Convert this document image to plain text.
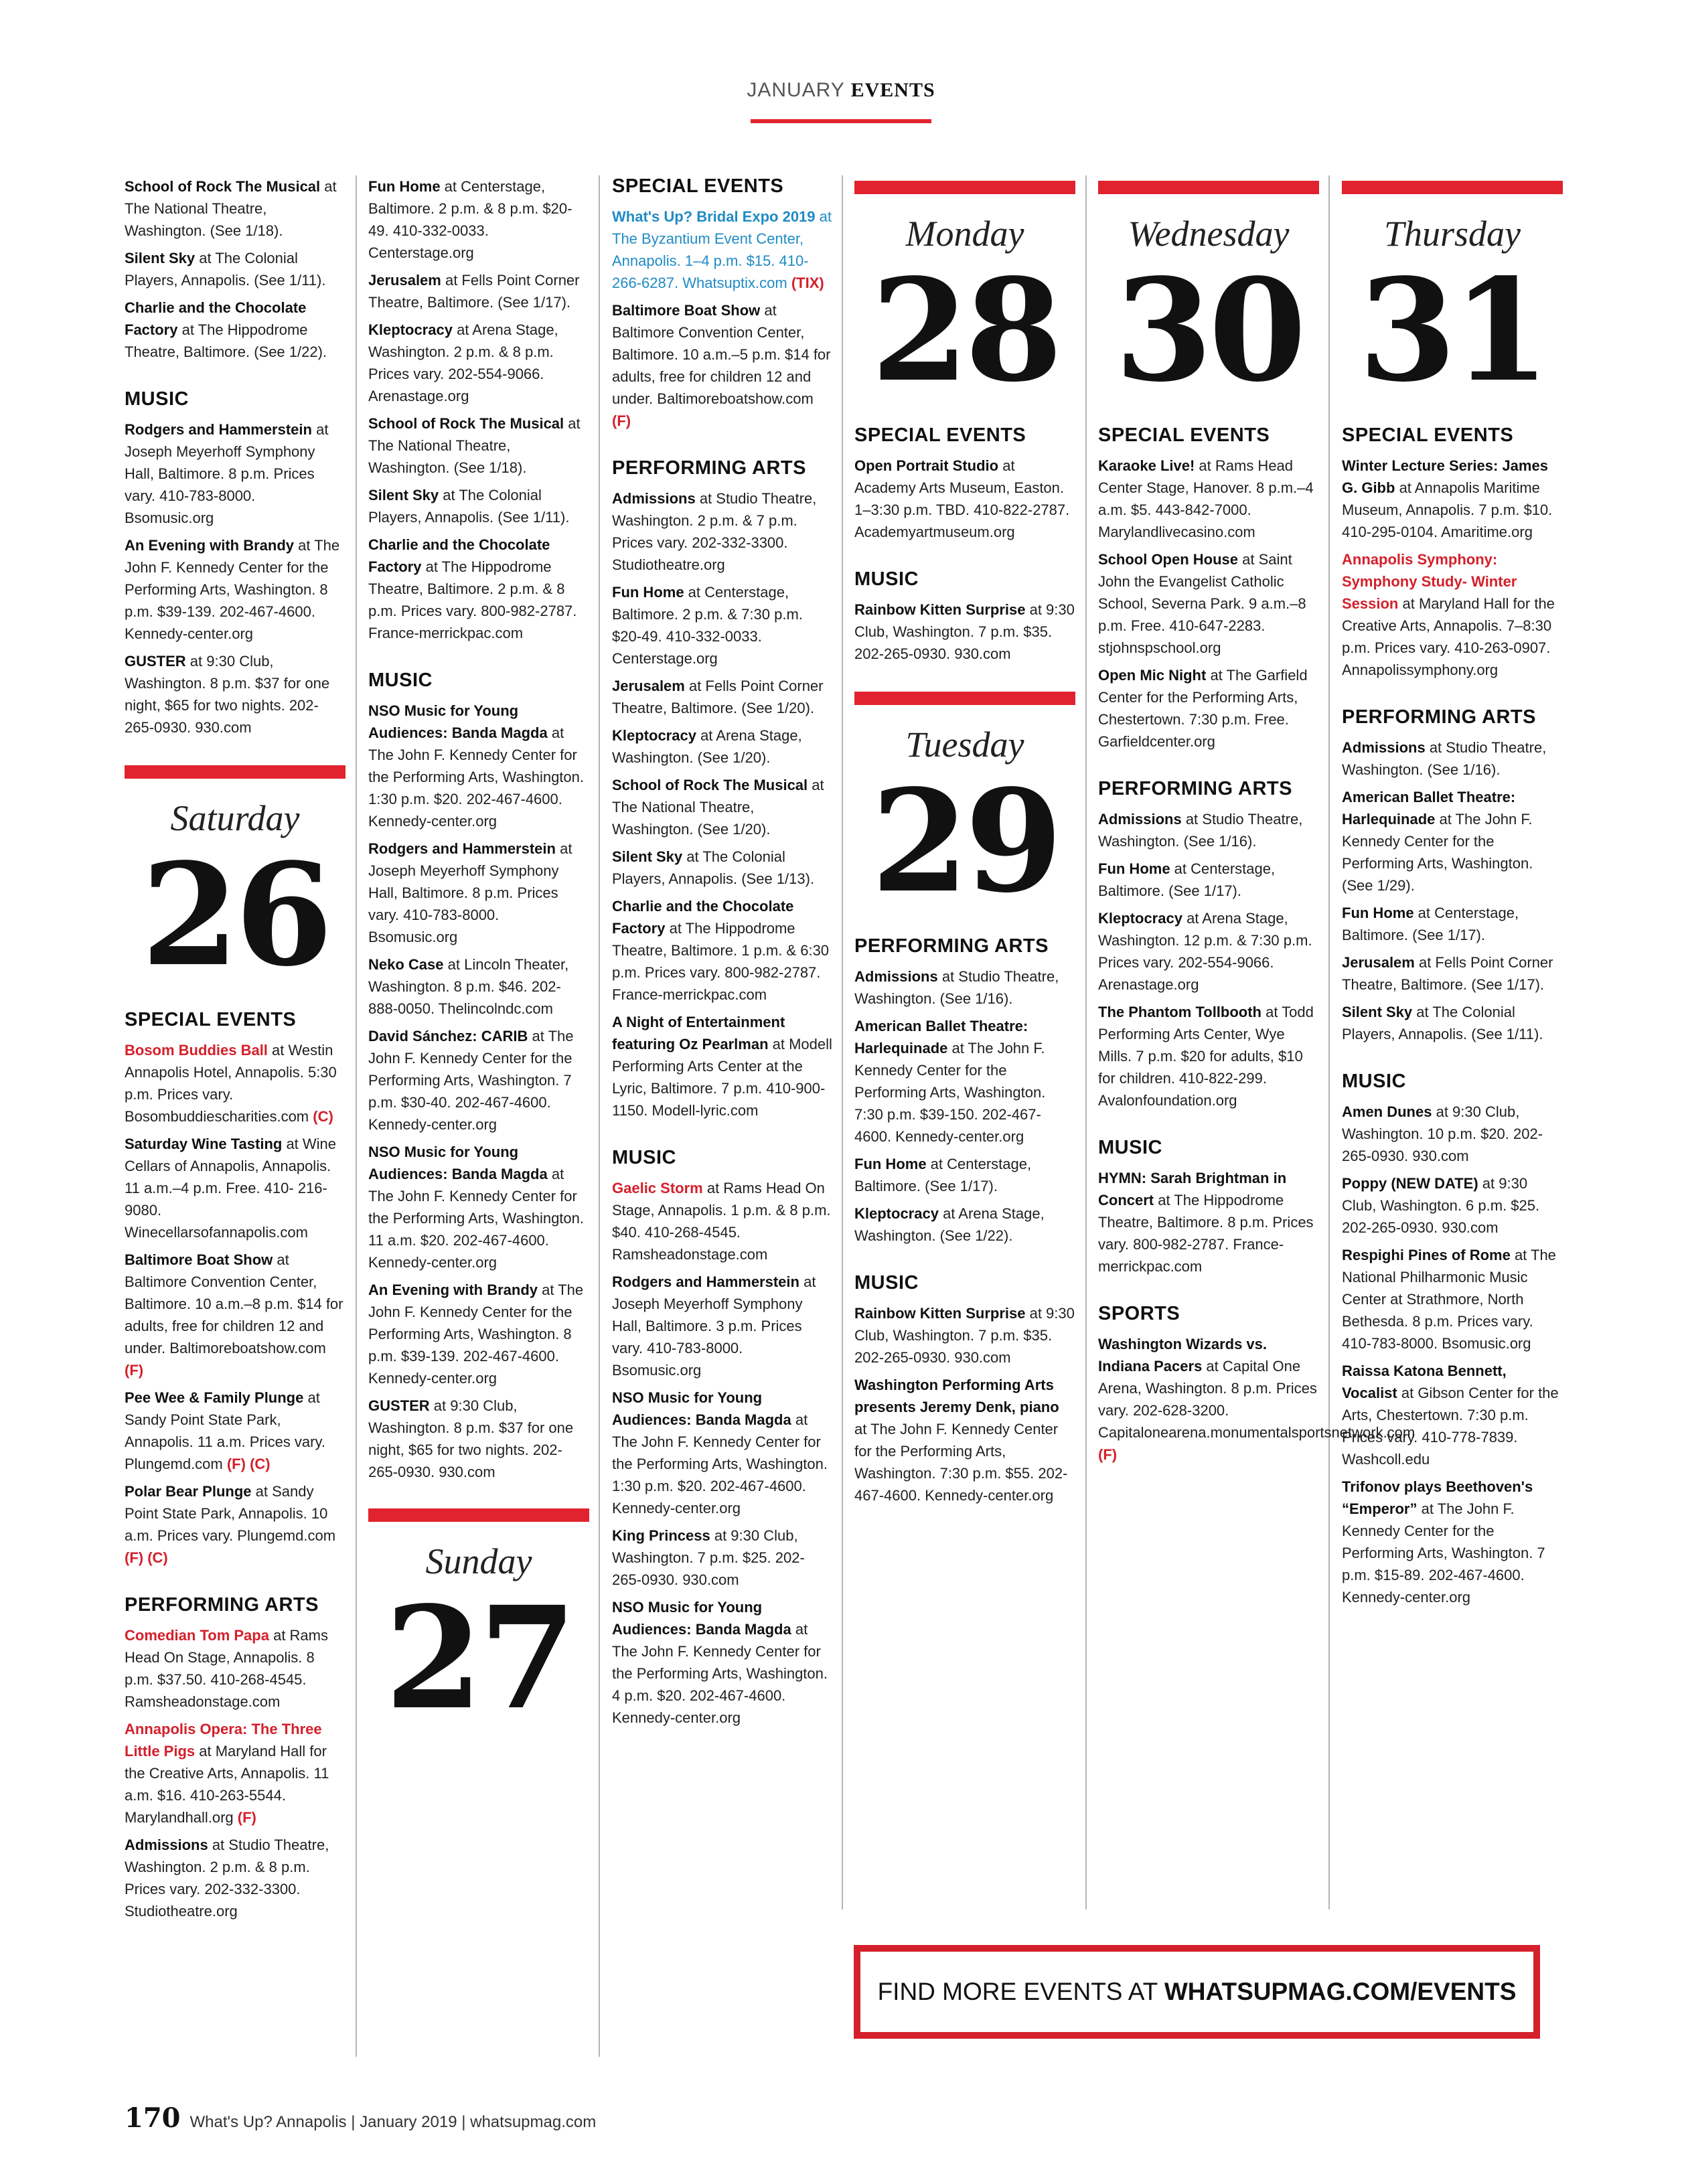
JANUARY EVENTS
School of Rock The Musical at The National Theatre, Washington. (See 1/18).
Silent Sky at The Colonial Players, Annapolis. (See 1/11).
Charlie and the Chocolate Factory at The Hippodrome Theatre, Baltimore. (See 1/22).
MUSIC
Rodgers and Hammerstein at Joseph Meyerhoff Symphony Hall, Baltimore. 8 p.m. Prices vary. 410-783-8000. Bsomusic.org
An Evening with Brandy at The John F. Kennedy Center for the Performing Arts, Washington. 8 p.m. $39-139. 202-467-4600. Kennedy-center.org
GUSTER at 9:30 Club, Washington. 8 p.m. $37 for one night, $65 for two nights. 202-265-0930. 930.com
Saturday
26
SPECIAL EVENTS
Bosom Buddies Ball at Westin Annapolis Hotel, Annapolis. 5:30 p.m. Prices vary. Bosombuddiescharities.com (C)
Saturday Wine Tasting at Wine Cellars of Annapolis, Annapolis. 11 a.m.–4 p.m. Free. 410- 216-9080. Winecellarsofannapolis.com
Baltimore Boat Show at Baltimore Convention Center, Baltimore. 10 a.m.–8 p.m. $14 for adults, free for children 12 and under. Baltimoreboatshow.com (F)
Pee Wee & Family Plunge at Sandy Point State Park, Annapolis. 11 a.m. Prices vary. Plungemd.com (F) (C)
Polar Bear Plunge at Sandy Point State Park, Annapolis. 10 a.m. Prices vary. Plungemd.com (F) (C)
PERFORMING ARTS
Comedian Tom Papa at Rams Head On Stage, Annapolis. 8 p.m. $37.50. 410-268-4545. Ramsheadonstage.com
Annapolis Opera: The Three Little Pigs at Maryland Hall for the Creative Arts, Annapolis. 11 a.m. $16. 410-263-5544. Marylandhall.org (F)
Admissions at Studio Theatre, Washington. 2 p.m. & 8 p.m. Prices vary. 202-332-3300. Studiotheatre.org
Fun Home at Centerstage, Baltimore. 2 p.m. & 8 p.m. $20-49. 410-332-0033. Centerstage.org
Jerusalem at Fells Point Corner Theatre, Baltimore. (See 1/17).
Kleptocracy at Arena Stage, Washington. 2 p.m. & 8 p.m. Prices vary. 202-554-9066. Arenastage.org
School of Rock The Musical at The National Theatre, Washington. (See 1/18).
Silent Sky at The Colonial Players, Annapolis. (See 1/11).
Charlie and the Chocolate Factory at The Hippodrome Theatre, Baltimore. 2 p.m. & 8 p.m. Prices vary. 800-982-2787. France-merrickpac.com
MUSIC
NSO Music for Young Audiences: Banda Magda at The John F. Kennedy Center for the Performing Arts, Washington. 1:30 p.m. $20. 202-467-4600. Kennedy-center.org
Rodgers and Hammerstein at Joseph Meyerhoff Symphony Hall, Baltimore. 8 p.m. Prices vary. 410-783-8000. Bsomusic.org
Neko Case at Lincoln Theater, Washington. 8 p.m. $46. 202-888-0050. Thelincolndc.com
David Sánchez: CARIB at The John F. Kennedy Center for the Performing Arts, Washington. 7 p.m. $30-40. 202-467-4600. Kennedy-center.org
NSO Music for Young Audiences: Banda Magda at The John F. Kennedy Center for the Performing Arts, Washington. 11 a.m. $20. 202-467-4600. Kennedy-center.org
An Evening with Brandy at The John F. Kennedy Center for the Performing Arts, Washington. 8 p.m. $39-139. 202-467-4600. Kennedy-center.org
GUSTER at 9:30 Club, Washington. 8 p.m. $37 for one night, $65 for two nights. 202-265-0930. 930.com
Sunday
27
SPECIAL EVENTS
What's Up? Bridal Expo 2019 at The Byzantium Event Center, Annapolis. 1–4 p.m. $15. 410-266-6287. Whatsuptix.com (TIX)
Baltimore Boat Show at Baltimore Convention Center, Baltimore. 10 a.m.–5 p.m. $14 for adults, free for children 12 and under. Baltimoreboatshow.com (F)
PERFORMING ARTS
Admissions at Studio Theatre, Washington. 2 p.m. & 7 p.m. Prices vary. 202-332-3300. Studiotheatre.org
Fun Home at Centerstage, Baltimore. 2 p.m. & 7:30 p.m. $20-49. 410-332-0033. Centerstage.org
Jerusalem at Fells Point Corner Theatre, Baltimore. (See 1/20).
Kleptocracy at Arena Stage, Washington. (See 1/20).
School of Rock The Musical at The National Theatre, Washington. (See 1/20).
Silent Sky at The Colonial Players, Annapolis. (See 1/13).
Charlie and the Chocolate Factory at The Hippodrome Theatre, Baltimore. 1 p.m. & 6:30 p.m. Prices vary. 800-982-2787. France-merrickpac.com
A Night of Entertainment featuring Oz Pearlman at Modell Performing Arts Center at the Lyric, Baltimore. 7 p.m. 410-900-1150. Modell-lyric.com
MUSIC
Gaelic Storm at Rams Head On Stage, Annapolis. 1 p.m. & 8 p.m. $40. 410-268-4545. Ramsheadonstage.com
Rodgers and Hammerstein at Joseph Meyerhoff Symphony Hall, Baltimore. 3 p.m. Prices vary. 410-783-8000. Bsomusic.org
NSO Music for Young Audiences: Banda Magda at The John F. Kennedy Center for the Performing Arts, Washington. 1:30 p.m. $20. 202-467-4600. Kennedy-center.org
King Princess at 9:30 Club, Washington. 7 p.m. $25. 202-265-0930. 930.com
NSO Music for Young Audiences: Banda Magda at The John F. Kennedy Center for the Performing Arts, Washington. 4 p.m. $20. 202-467-4600. Kennedy-center.org
Monday
28
SPECIAL EVENTS
Open Portrait Studio at Academy Arts Museum, Easton. 1–3:30 p.m. TBD. 410-822-2787. Academyartmuseum.org
MUSIC
Rainbow Kitten Surprise at 9:30 Club, Washington. 7 p.m. $35. 202-265-0930. 930.com
Tuesday
29
PERFORMING ARTS
Admissions at Studio Theatre, Washington. (See 1/16).
American Ballet Theatre: Harlequinade at The John F. Kennedy Center for the Performing Arts, Washington. 7:30 p.m. $39-150. 202-467-4600. Kennedy-center.org
Fun Home at Centerstage, Baltimore. (See 1/17).
Kleptocracy at Arena Stage, Washington. (See 1/22).
MUSIC
Rainbow Kitten Surprise at 9:30 Club, Washington. 7 p.m. $35. 202-265-0930. 930.com
Washington Performing Arts presents Jeremy Denk, piano at The John F. Kennedy Center for the Performing Arts, Washington. 7:30 p.m. $55. 202-467-4600. Kennedy-center.org
Wednesday
30
SPECIAL EVENTS
Karaoke Live! at Rams Head Center Stage, Hanover. 8 p.m.–4 a.m. $5. 443-842-7000. Marylandlivecasino.com
School Open House at Saint John the Evangelist Catholic School, Severna Park. 9 a.m.–8 p.m. Free. 410-647-2283. stjohnspschool.org
Open Mic Night at The Garfield Center for the Performing Arts, Chestertown. 7:30 p.m. Free. Garfieldcenter.org
PERFORMING ARTS
Admissions at Studio Theatre, Washington. (See 1/16).
Fun Home at Centerstage, Baltimore. (See 1/17).
Kleptocracy at Arena Stage, Washington. 12 p.m. & 7:30 p.m. Prices vary. 202-554-9066. Arenastage.org
The Phantom Tollbooth at Todd Performing Arts Center, Wye Mills. 7 p.m. $20 for adults, $10 for children. 410-822-299. Avalonfoundation.org
MUSIC
HYMN: Sarah Brightman in Concert at The Hippodrome Theatre, Baltimore. 8 p.m. Prices vary. 800-982-2787. France-merrickpac.com
SPORTS
Washington Wizards vs. Indiana Pacers at Capital One Arena, Washington. 8 p.m. Prices vary. 202-628-3200. Capitalonearena.monumentalsportsnetwork.com (F)
Thursday
31
SPECIAL EVENTS
Winter Lecture Series: James G. Gibb at Annapolis Maritime Museum, Annapolis. 7 p.m. $10. 410-295-0104. Amaritime.org
Annapolis Symphony: Symphony Study- Winter Session at Maryland Hall for the Creative Arts, Annapolis. 7–8:30 p.m. Prices vary. 410-263-0907. Annapolissymphony.org
PERFORMING ARTS
Admissions at Studio Theatre, Washington. (See 1/16).
American Ballet Theatre: Harlequinade at The John F. Kennedy Center for the Performing Arts, Washington. (See 1/29).
Fun Home at Centerstage, Baltimore. (See 1/17).
Jerusalem at Fells Point Corner Theatre, Baltimore. (See 1/17).
Silent Sky at The Colonial Players, Annapolis. (See 1/11).
MUSIC
Amen Dunes at 9:30 Club, Washington. 10 p.m. $20. 202-265-0930. 930.com
Poppy (NEW DATE) at 9:30 Club, Washington. 6 p.m. $25. 202-265-0930. 930.com
Respighi Pines of Rome at The National Philharmonic Music Center at Strathmore, North Bethesda. 8 p.m. Prices vary. 410-783-8000. Bsomusic.org
Raissa Katona Bennett, Vocalist at Gibson Center for the Arts, Chestertown. 7:30 p.m. Prices vary. 410-778-7839. Washcoll.edu
Trifonov plays Beethoven's “Emperor” at The John F. Kennedy Center for the Performing Arts, Washington. 7 p.m. $15-89. 202-467-4600. Kennedy-center.org
FIND MORE EVENTS AT WHATSUPMAG.COM/EVENTS
170 What's Up? Annapolis | January 2019 | whatsupmag.com
